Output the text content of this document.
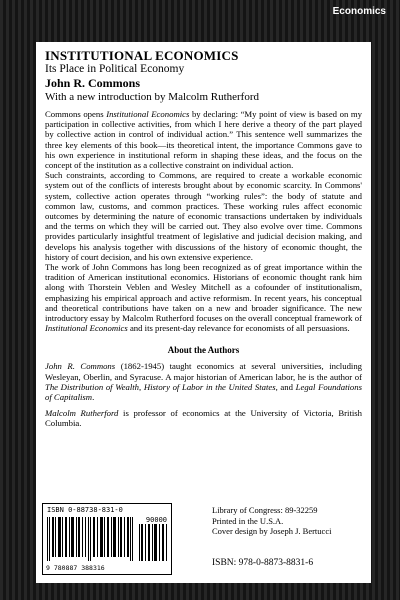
Economics
INSTITUTIONAL ECONOMICS
Its Place in Political Economy
John R. Commons
With a new introduction by Malcolm Rutherford

Commons opens Institutional Economics by declaring: “My point of view is based on my participation in collective activities, from which I here derive a theory of the part played by collective action in control of individual action.” This sentence well summarizes the three key elements of this book—its theoretical intent, the importance Commons gave to his own experience in institutional reform in shaping these ideas, and the focus on the concept of the institution as a collective constraint on individual action.

Such constraints, according to Commons, are required to create a workable economic system out of the conflicts of interests brought about by economic scarcity. In Commons' system, collective action operates through “working rules”: the body of statute and common law, customs, and common practices. These working rules affect economic outcomes by determining the nature of economic transactions undertaken by individuals and the terms on which they will be carried out. They also evolve over time. Commons provides particularly insightful treatment of legislative and judicial decision making, and develops his analysis together with discussions of the history of economic thought, the history of court decision, and his own extensive experience.

The work of John Commons has long been recognized as of great importance within the tradition of American institutional economics. Historians of economic thought rank him along with Thorstein Veblen and Wesley Mitchell as a cofounder of institutionalism, emphasizing his empirical approach and active reformism. In recent years, his conceptual and theoretical contributions have taken on a new and broader significance. The new introductory essay by Malcolm Rutherford focuses on the overall conceptual framework of Institutional Economics and its present-day relevance for economists of all persuasions.

About the Authors

John R. Commons (1862-1945) taught economics at several universities, including Wesleyan, Oberlin, and Syracuse. A major historian of American labor, he is the author of The Distribution of Wealth, History of Labor in the United States, and Legal Foundations of Capitalism.

Malcolm Rutherford is professor of economics at the University of Victoria, British Columbia.

ISBN 0-88738-831-0
90000
9 780887 388316
Library of Congress: 89-32259
Printed in the U.S.A.
Cover design by Joseph J. Bertucci
ISBN: 978-0-8873-8831-6
